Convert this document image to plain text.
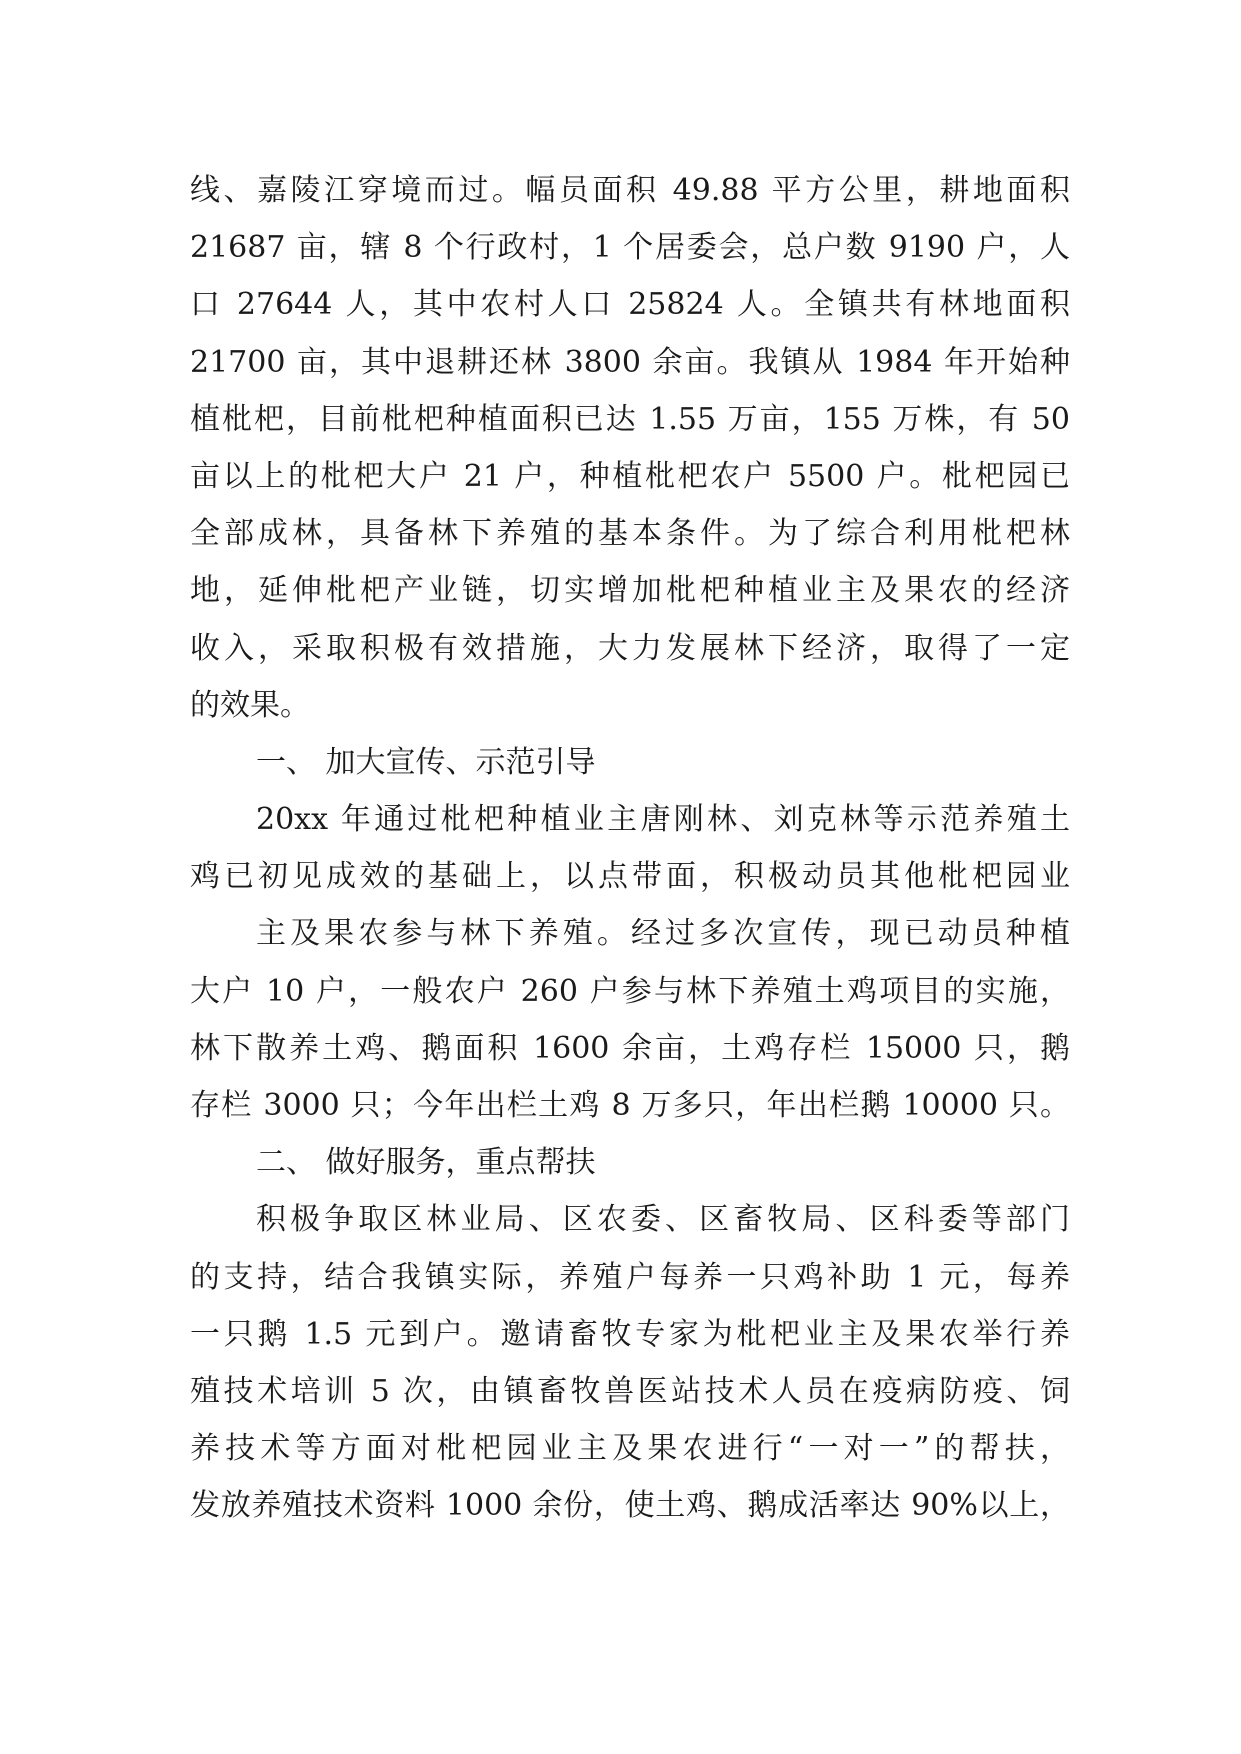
线、嘉陵江穿境而过。幅员面积 49.88 平方公里，耕地面积
21687 亩，辖 8 个行政村，1 个居委会，总户数 9190 户，人
口 27644 人，其中农村人口 25824 人。全镇共有林地面积
21700 亩，其中退耕还林 3800 余亩。我镇从 1984 年开始种
植枇杷，目前枇杷种植面积已达 1.55 万亩，155 万株，有 50
亩以上的枇杷大户 21 户，种植枇杷农户 5500 户。枇杷园已
全部成林，具备林下养殖的基本条件。为了综合利用枇杷林
地，延伸枇杷产业链，切实增加枇杷种植业主及果农的经济
收入，采取积极有效措施，大力发展林下经济，取得了一定
的效果。
一、 加大宣传、示范引导
20xx 年通过枇杷种植业主唐刚林、刘克林等示范养殖土
鸡已初见成效的基础上，以点带面，积极动员其他枇杷园业
主及果农参与林下养殖。经过多次宣传，现已动员种植
大户 10 户，一般农户 260 户参与林下养殖土鸡项目的实施，
林下散养土鸡、鹅面积 1600 余亩，土鸡存栏 15000 只，鹅
存栏 3000 只；今年出栏土鸡 8 万多只，年出栏鹅 10000 只。
二、 做好服务，重点帮扶
积极争取区林业局、区农委、区畜牧局、区科委等部门
的支持，结合我镇实际，养殖户每养一只鸡补助 1 元，每养
一只鹅 1.5 元到户。邀请畜牧专家为枇杷业主及果农举行养
殖技术培训 5 次，由镇畜牧兽医站技术人员在疫病防疫、饲
养技术等方面对枇杷园业主及果农进行“一对一”的帮扶，
发放养殖技术资料 1000 余份，使土鸡、鹅成活率达 90%以上，
